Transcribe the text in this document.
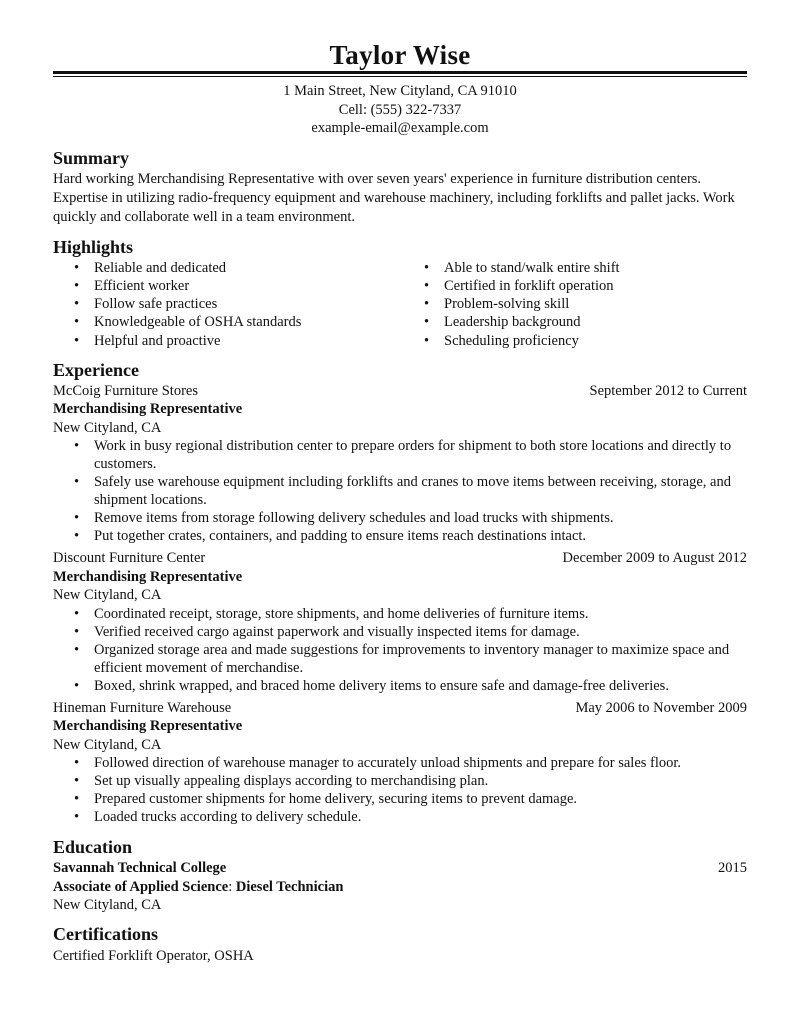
Taylor Wise
1 Main Street, New Cityland, CA 91010
Cell: (555) 322-7337
example-email@example.com
Summary
Hard working Merchandising Representative with over seven years' experience in furniture distribution centers. Expertise in utilizing radio-frequency equipment and warehouse machinery, including forklifts and pallet jacks. Work quickly and collaborate well in a team environment.
Highlights
• Reliable and dedicated
• Efficient worker
• Follow safe practices
• Knowledgeable of OSHA standards
• Helpful and proactive
• Able to stand/walk entire shift
• Certified in forklift operation
• Problem-solving skill
• Leadership background
• Scheduling proficiency
Experience
McCoig Furniture Stores	September 2012 to Current
Merchandising Representative
New Cityland, CA
• Work in busy regional distribution center to prepare orders for shipment to both store locations and directly to customers.
• Safely use warehouse equipment including forklifts and cranes to move items between receiving, storage, and shipment locations.
• Remove items from storage following delivery schedules and load trucks with shipments.
• Put together crates, containers, and padding to ensure items reach destinations intact.
Discount Furniture Center	December 2009 to August 2012
Merchandising Representative
New Cityland, CA
• Coordinated receipt, storage, store shipments, and home deliveries of furniture items.
• Verified received cargo against paperwork and visually inspected items for damage.
• Organized storage area and made suggestions for improvements to inventory manager to maximize space and efficient movement of merchandise.
• Boxed, shrink wrapped, and braced home delivery items to ensure safe and damage-free deliveries.
Hineman Furniture Warehouse	May 2006 to November 2009
Merchandising Representative
New Cityland, CA
• Followed direction of warehouse manager to accurately unload shipments and prepare for sales floor.
• Set up visually appealing displays according to merchandising plan.
• Prepared customer shipments for home delivery, securing items to prevent damage.
• Loaded trucks according to delivery schedule.
Education
Savannah Technical College	2015
Associate of Applied Science: Diesel Technician
New Cityland, CA
Certifications
Certified Forklift Operator, OSHA
